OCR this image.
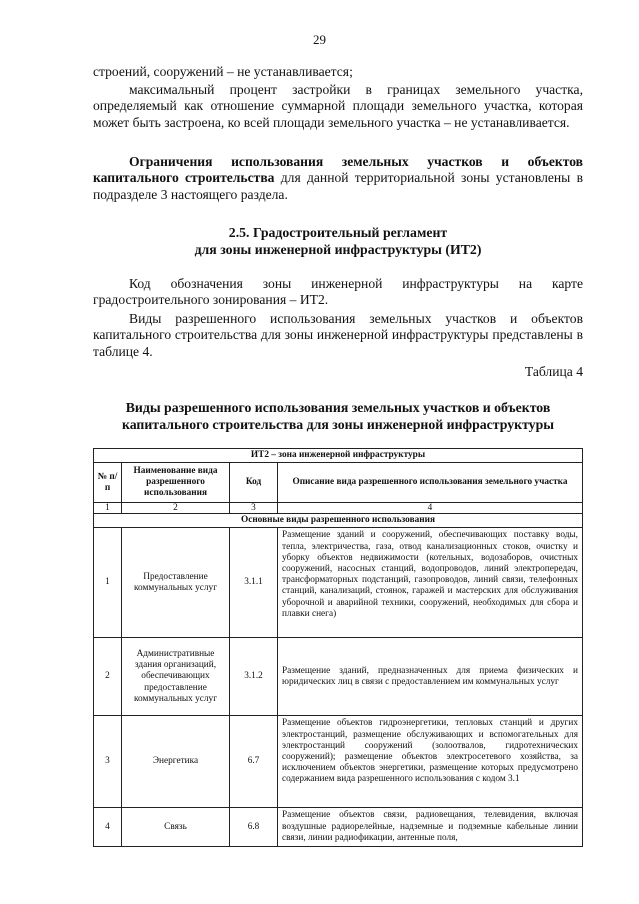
29
строений, сооружений – не устанавливается;
максимальный процент застройки в границах земельного участка, определяемый как отношение суммарной площади земельного участка, которая может быть застроена, ко всей площади земельного участка – не устанавливается.
Ограничения использования земельных участков и объектов капитального строительства для данной территориальной зоны установлены в подразделе 3 настоящего раздела.
2.5. Градостроительный регламент
для зоны инженерной инфраструктуры (ИТ2)
Код обозначения зоны инженерной инфраструктуры на карте градостроительного зонирования – ИТ2.
Виды разрешенного использования земельных участков и объектов капитального строительства для зоны инженерной инфраструктуры представлены в таблице 4.
Таблица 4
Виды разрешенного использования земельных участков и объектов капитального строительства для зоны инженерной инфраструктуры
ИТ2 – зона инженерной инфраструктуры			
№ п/п	Наименование вида разрешенного использования	Код	Описание вида разрешенного использования земельного участка
1	2	3	4
Основные виды разрешенного использования			
1	Предоставление коммунальных услуг	3.1.1	Размещение зданий и сооружений, обеспечивающих поставку воды, тепла, электричества, газа, отвод канализационных стоков, очистку и уборку объектов недвижимости (котельных, водозаборов, очистных сооружений, насосных станций, водопроводов, линий электропередач, трансформаторных подстанций, газопроводов, линий связи, телефонных станций, канализаций, стоянок, гаражей и мастерских для обслуживания уборочной и аварийной техники, сооружений, необходимых для сбора и плавки снега)
2	Административные здания организаций, обеспечивающих предоставление коммунальных услуг	3.1.2	Размещение зданий, предназначенных для приема физических и юридических лиц в связи с предоставлением им коммунальных услуг
3	Энергетика	6.7	Размещение объектов гидроэнергетики, тепловых станций и других электростанций, размещение обслуживающих и вспомогательных для электростанций сооружений (золоотвалов, гидротехнических сооружений); размещение объектов электросетевого хозяйства, за исключением объектов энергетики, размещение которых предусмотрено содержанием вида разрешенного использования с кодом 3.1
4	Связь	6.8	Размещение объектов связи, радиовещания, телевидения, включая воздушные радиорелейные, надземные и подземные кабельные линии связи, линии радиофикации, антенные поля,
